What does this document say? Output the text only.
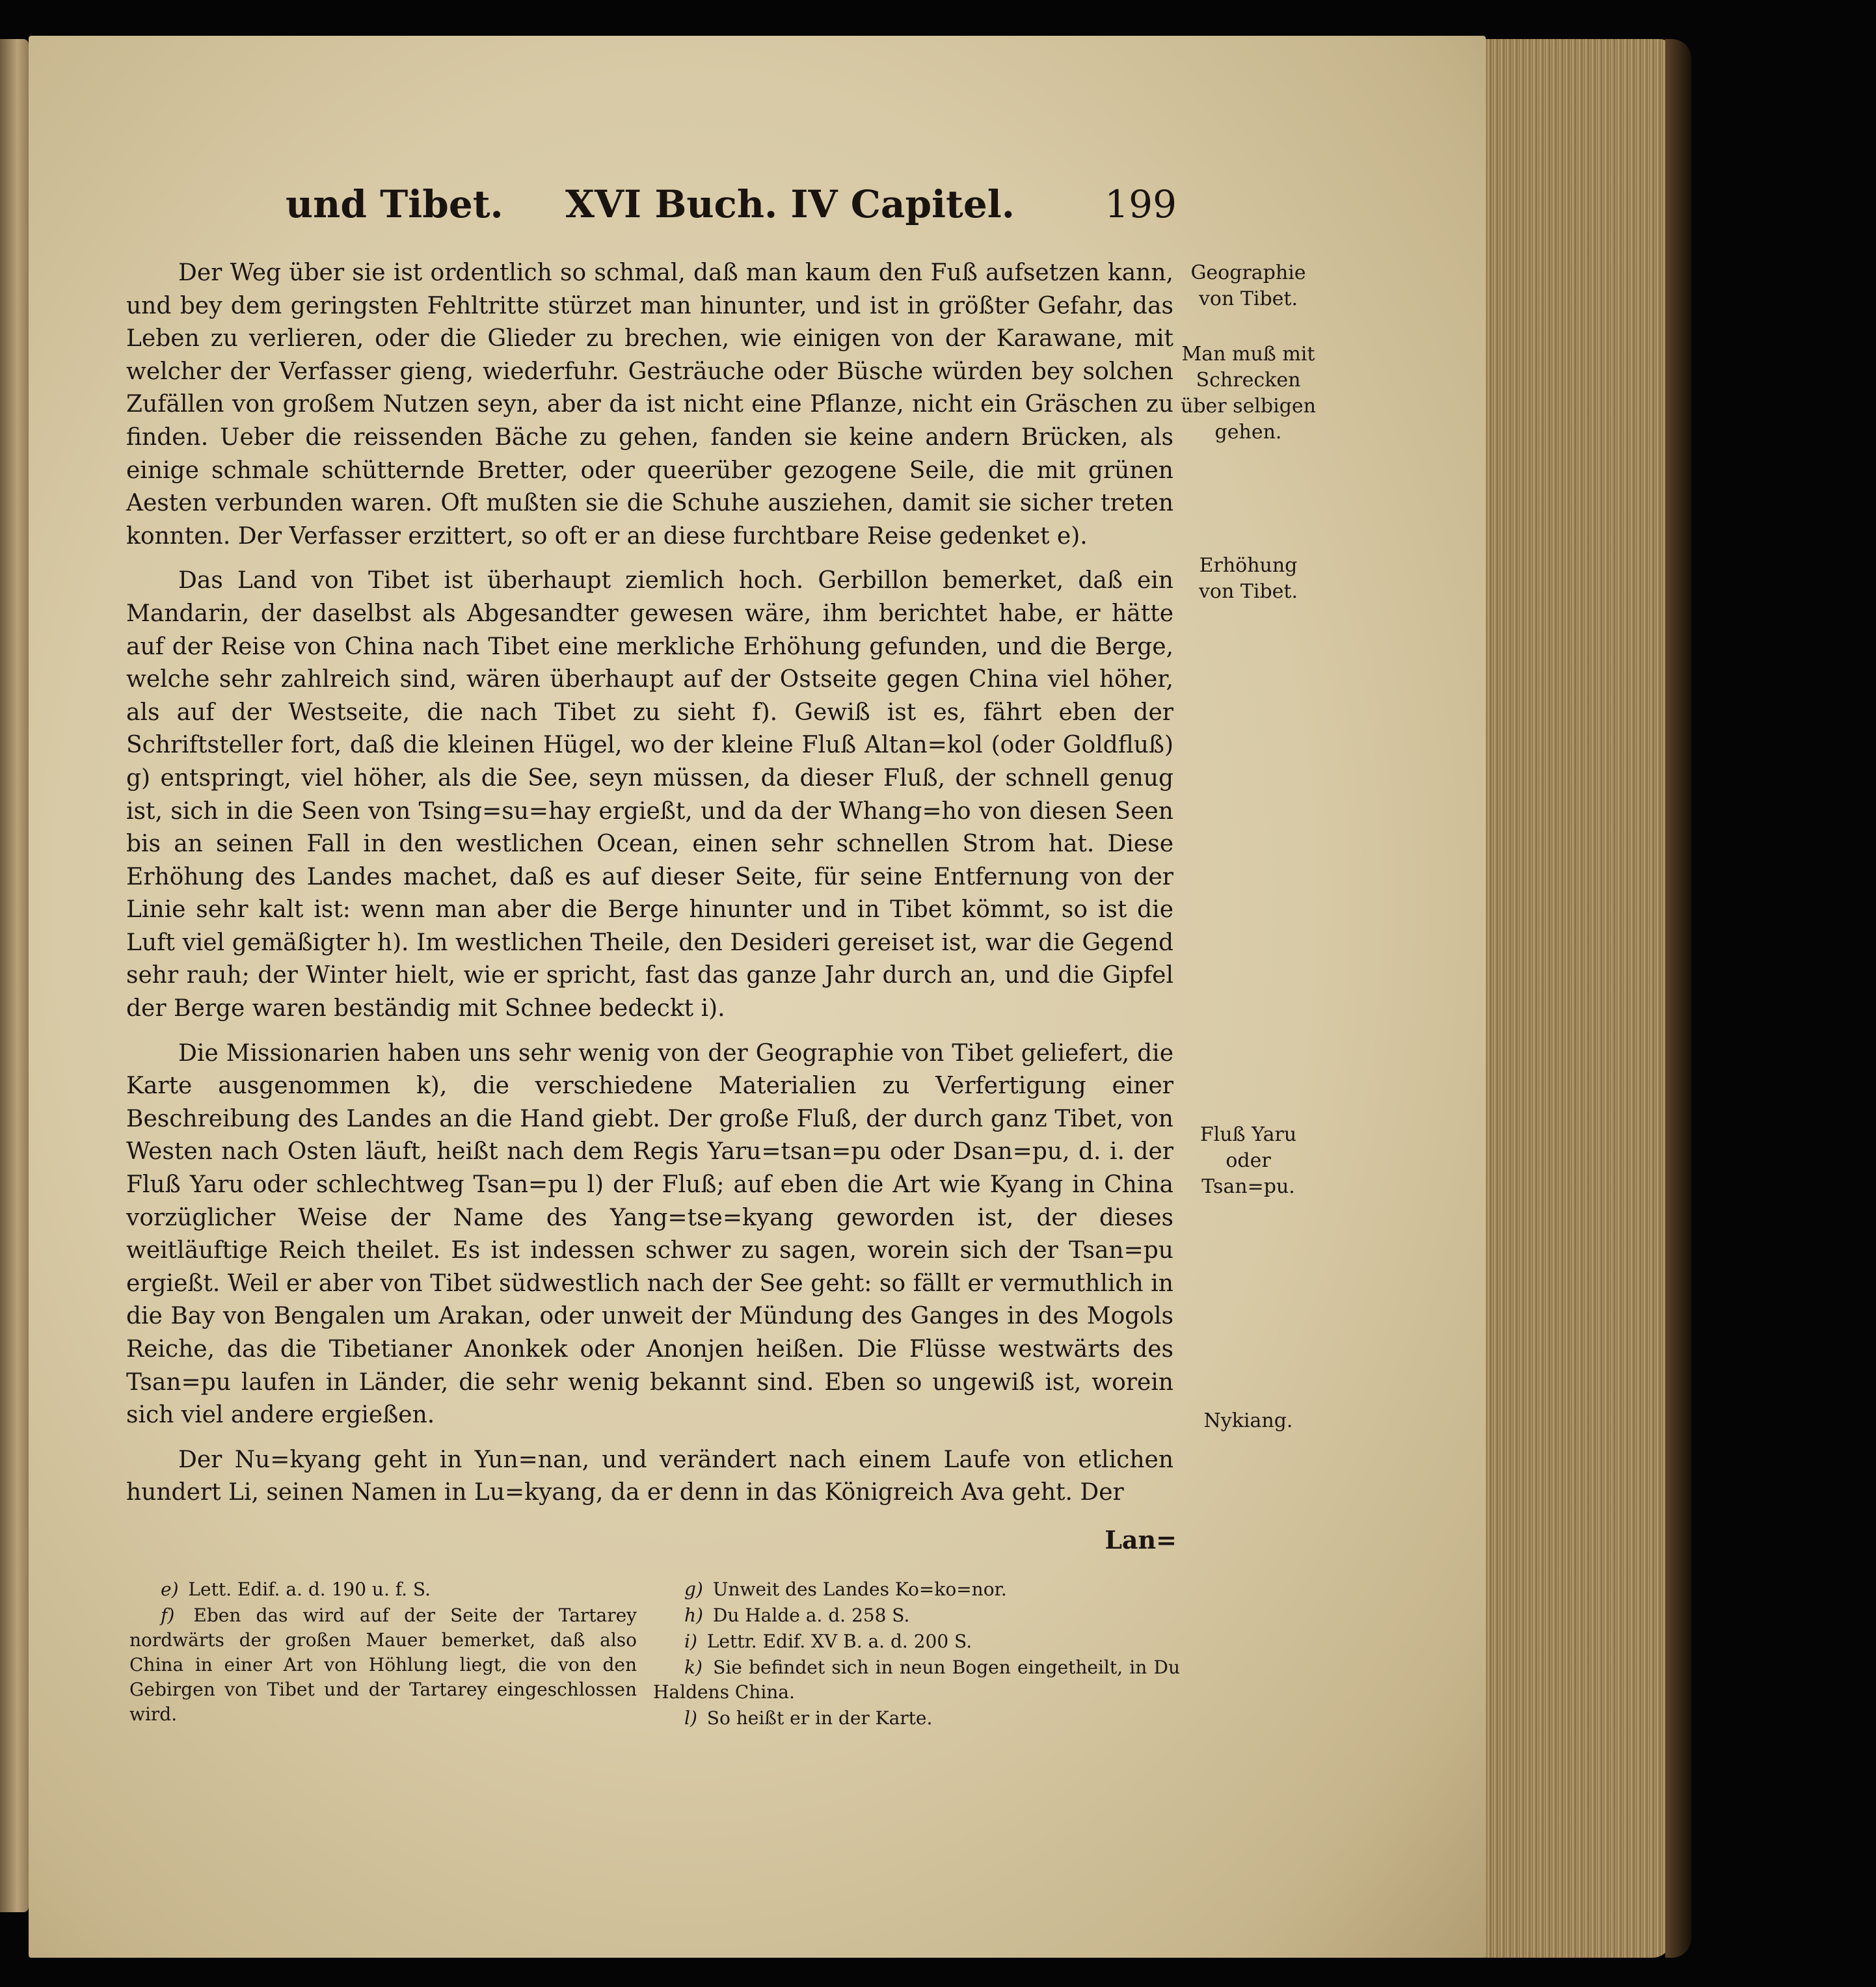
und Tibet. XVI Buch. IV Capitel. 199

Der Weg über sie ist ordentlich so schmal, daß man kaum den Fuß aufsetzen kann, und bey dem geringsten Fehltritte stürzet man hinunter, und ist in größter Gefahr, das Leben zu verlieren, oder die Glieder zu brechen, wie einigen von der Karawane, mit welcher der Verfasser gieng, wiederfuhr. Gesträuche oder Büsche würden bey solchen Zufällen von großem Nutzen seyn, aber da ist nicht eine Pflanze, nicht ein Gräschen zu finden. Ueber die reissenden Bäche zu gehen, fanden sie keine andern Brücken, als einige schmale schütternde Bretter, oder queerüber gezogene Seile, die mit grünen Aesten verbunden waren. Oft mußten sie die Schuhe ausziehen, damit sie sicher treten konnten. Der Verfasser erzittert, so oft er an diese furchtbare Reise gedenket e).

Das Land von Tibet ist überhaupt ziemlich hoch. Gerbillon bemerket, daß ein Mandarin, der daselbst als Abgesandter gewesen wäre, ihm berichtet habe, er hätte auf der Reise von China nach Tibet eine merkliche Erhöhung gefunden, und die Berge, welche sehr zahlreich sind, wären überhaupt auf der Ostseite gegen China viel höher, als auf der Westseite, die nach Tibet zu sieht f). Gewiß ist es, fährt eben der Schriftsteller fort, daß die kleinen Hügel, wo der kleine Fluß Altan=kol (oder Goldfluß) g) entspringt, viel höher, als die See, seyn müssen, da dieser Fluß, der schnell genug ist, sich in die Seen von Tsing=su=hay ergießt, und da der Whang=ho von diesen Seen bis an seinen Fall in den westlichen Ocean, einen sehr schnellen Strom hat. Diese Erhöhung des Landes machet, daß es auf dieser Seite, für seine Entfernung von der Linie sehr kalt ist: wenn man aber die Berge hinunter und in Tibet kömmt, so ist die Luft viel gemäßigter h). Im westlichen Theile, den Desideri gereiset ist, war die Gegend sehr rauh; der Winter hielt, wie er spricht, fast das ganze Jahr durch an, und die Gipfel der Berge waren beständig mit Schnee bedeckt i).

Die Missionarien haben uns sehr wenig von der Geographie von Tibet geliefert, die Karte ausgenommen k), die verschiedene Materialien zu Verfertigung einer Beschreibung des Landes an die Hand giebt. Der große Fluß, der durch ganz Tibet, von Westen nach Osten läuft, heißt nach dem Regis Yaru=tsan=pu oder Dsan=pu, d. i. der Fluß Yaru oder schlechtweg Tsan=pu l) der Fluß; auf eben die Art wie Kyang in China vorzüglicher Weise der Name des Yang=tse=kyang geworden ist, der dieses weitläuftige Reich theilet. Es ist indessen schwer zu sagen, worein sich der Tsan=pu ergießt. Weil er aber von Tibet südwestlich nach der See geht: so fällt er vermuthlich in die Bay von Bengalen um Arakan, oder unweit der Mündung des Ganges in des Mogols Reiche, das die Tibetianer Anonkek oder Anonjen heißen. Die Flüsse westwärts des Tsan=pu laufen in Länder, die sehr wenig bekannt sind. Eben so ungewiß ist, worein sich viel andere ergießen.

Der Nu=kyang geht in Yun=nan, und verändert nach einem Laufe von etlichen hundert Li, seinen Namen in Lu=kyang, da er denn in das Königreich Ava geht. Der

Lan=
Geographie von Tibet.
Man muß mit Schrecken über selbigen gehen.
Erhöhung von Tibet.
Fluß Yaru oder Tsan=pu.
Nykiang.

e) Lett. Edif. a. d. 190 u. f. S.

f) Eben das wird auf der Seite der Tartarey nordwärts der großen Mauer bemerket, daß also China in einer Art von Höhlung liegt, die von den Gebirgen von Tibet und der Tartarey eingeschlossen wird.

g) Unweit des Landes Ko=ko=nor.

h) Du Halde a. d. 258 S.

i) Lettr. Edif. XV B. a. d. 200 S.

k) Sie befindet sich in neun Bogen eingetheilt, in Du Haldens China.

l) So heißt er in der Karte.
